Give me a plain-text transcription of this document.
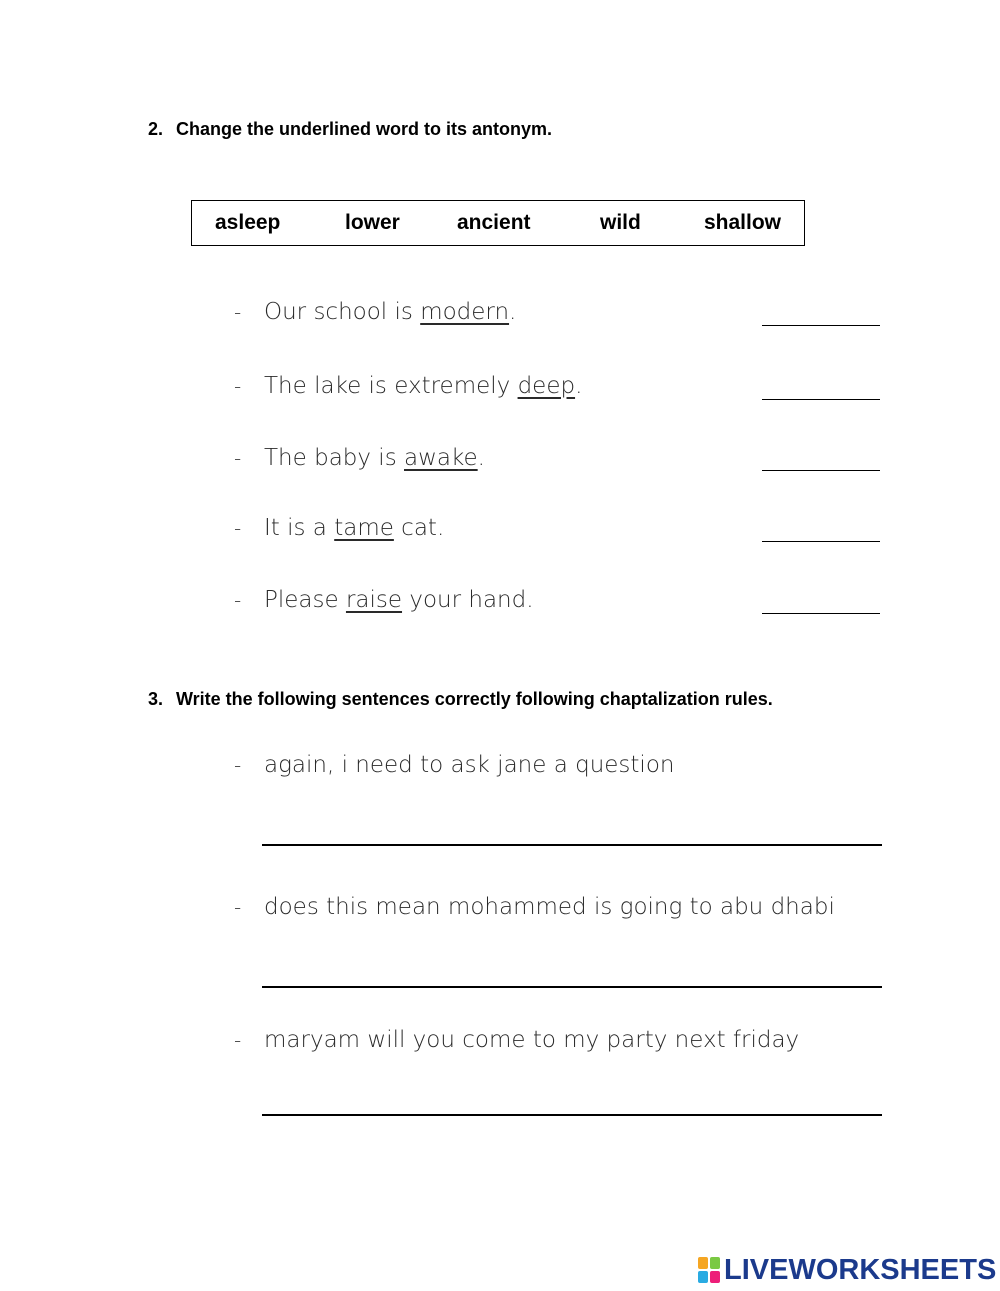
2. Change the underlined word to its antonym.
asleep	lower	ancient	wild	shallow
- Our school is modern.
- The lake is extremely deep.
- The baby is awake.
- It is a tame cat.
- Please raise your hand.
3. Write the following sentences correctly following chaptalization rules.
- again, i need to ask jane a question
- does this mean mohammed is going to abu dhabi
- maryam will you come to my party next friday
LIVEWORKSHEETS
